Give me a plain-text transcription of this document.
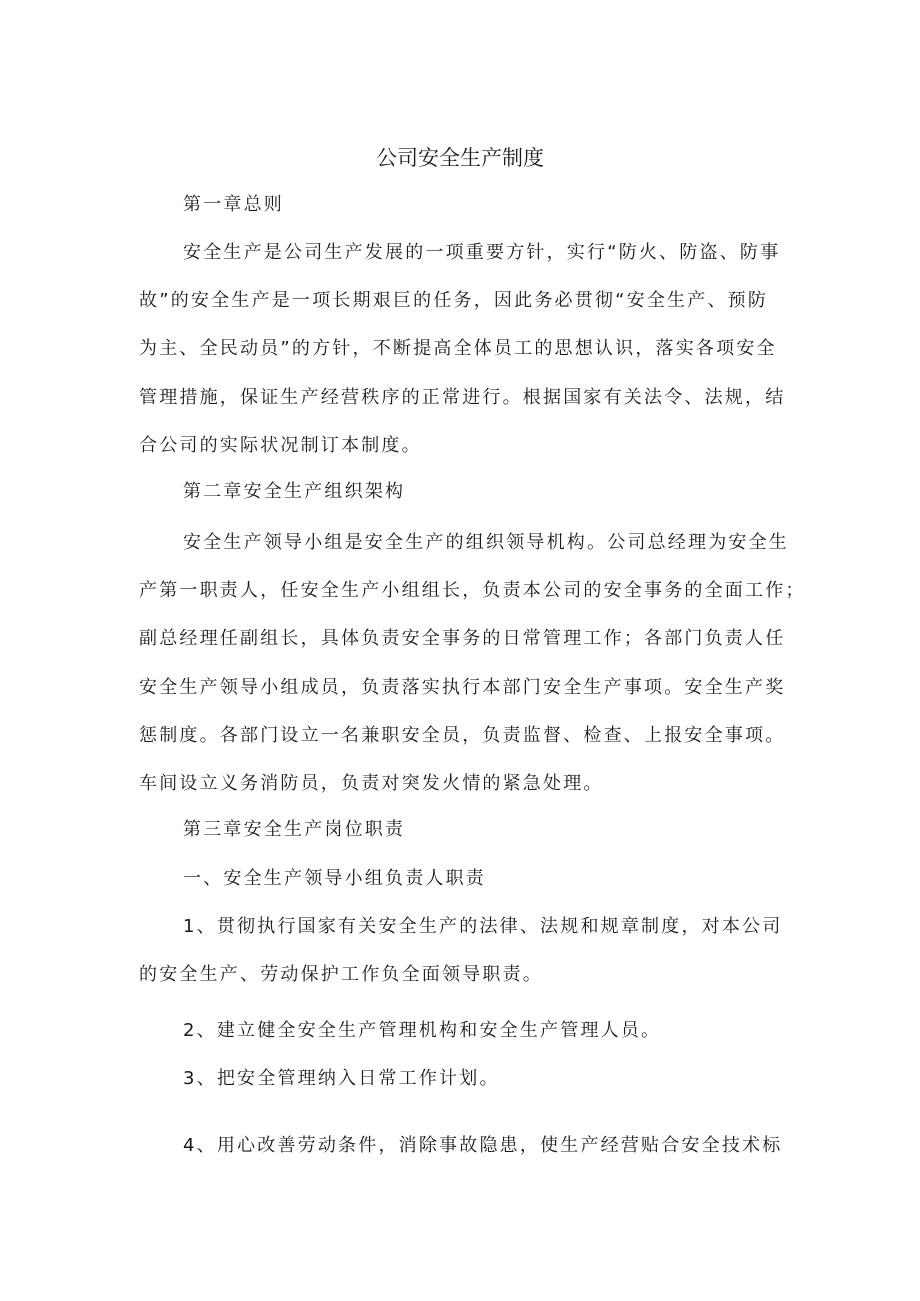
公司安全生产制度

第一章总则

安全生产是公司生产发展的一项重要方针，实行“防火、防盗、防事
故”的安全生产是一项长期艰巨的任务，因此务必贯彻“安全生产、预防
为主、全民动员”的方针，不断提高全体员工的思想认识，落实各项安全
管理措施，保证生产经营秩序的正常进行。根据国家有关法令、法规，结
合公司的实际状况制订本制度。

第二章安全生产组织架构

安全生产领导小组是安全生产的组织领导机构。公司总经理为安全生
产第一职责人，任安全生产小组组长，负责本公司的安全事务的全面工作；
副总经理任副组长，具体负责安全事务的日常管理工作；各部门负责人任
安全生产领导小组成员，负责落实执行本部门安全生产事项。安全生产奖
惩制度。各部门设立一名兼职安全员，负责监督、检查、上报安全事项。
车间设立义务消防员，负责对突发火情的紧急处理。

第三章安全生产岗位职责

一、安全生产领导小组负责人职责

1、贯彻执行国家有关安全生产的法律、法规和规章制度，对本公司
的安全生产、劳动保护工作负全面领导职责。

2、建立健全安全生产管理机构和安全生产管理人员。

3、把安全管理纳入日常工作计划。

4、用心改善劳动条件，消除事故隐患，使生产经营贴合安全技术标
